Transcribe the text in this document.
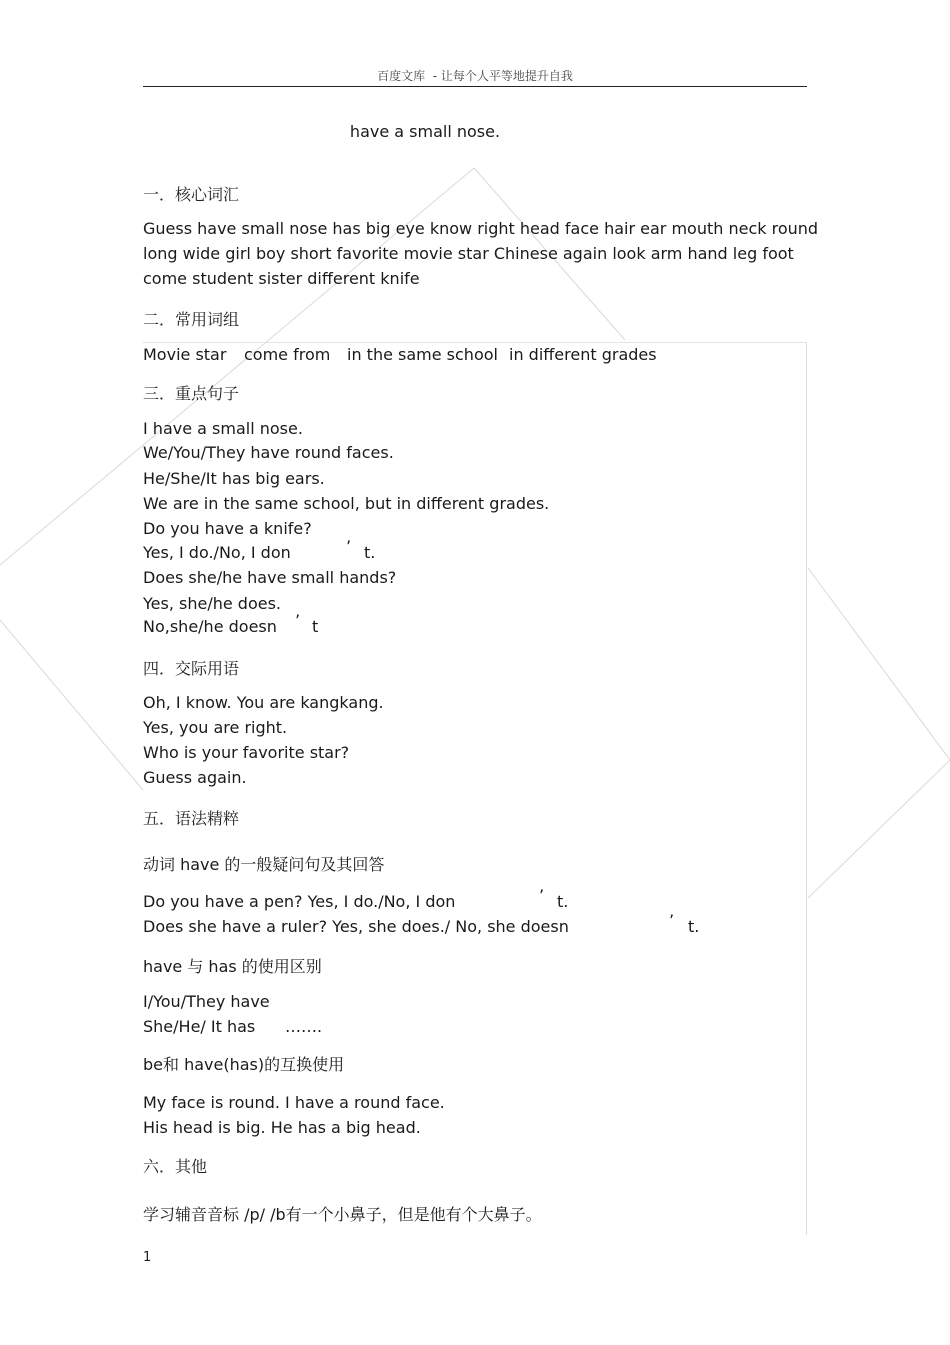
百度文库  - 让每个人平等地提升自我
have a small nose.
一．核心词汇
Guess have small nose has big eye know right head face hair ear mouth neck round
long wide girl boy short favorite movie star Chinese again look arm hand leg foot
come student sister different knife
二．常用词组
Movie star come from in the same school in different grades
三．重点句子
I have a small nose.
We/You/They have round faces.
He/She/It has big ears.
We are in the same school, but in different grades.
Do you have a knife?
Yes, I do./No, I don	’ t.
Does she/he have small hands?
Yes, she/he does.
No,she/he doesn ’ t
四．交际用语
Oh, I know. You are kangkang.
Yes, you are right.
Who is your favorite star?
Guess again.
五．语法精粹
动词 have 的一般疑问句及其回答
Do you have a pen? Yes, I do./No, I don	’ t.
Does she have a ruler? Yes, she does./ No, she doesn	’ t.
have 与 has 的使用区别
I/You/They have
She/He/ It has …….
be和 have(has)的互换使用
My face is round. I have a round face.
His head is big. He has a big head.
六．其他
学习辅音音标 /p/ /b有一个小鼻子，但是他有个大鼻子。
1
